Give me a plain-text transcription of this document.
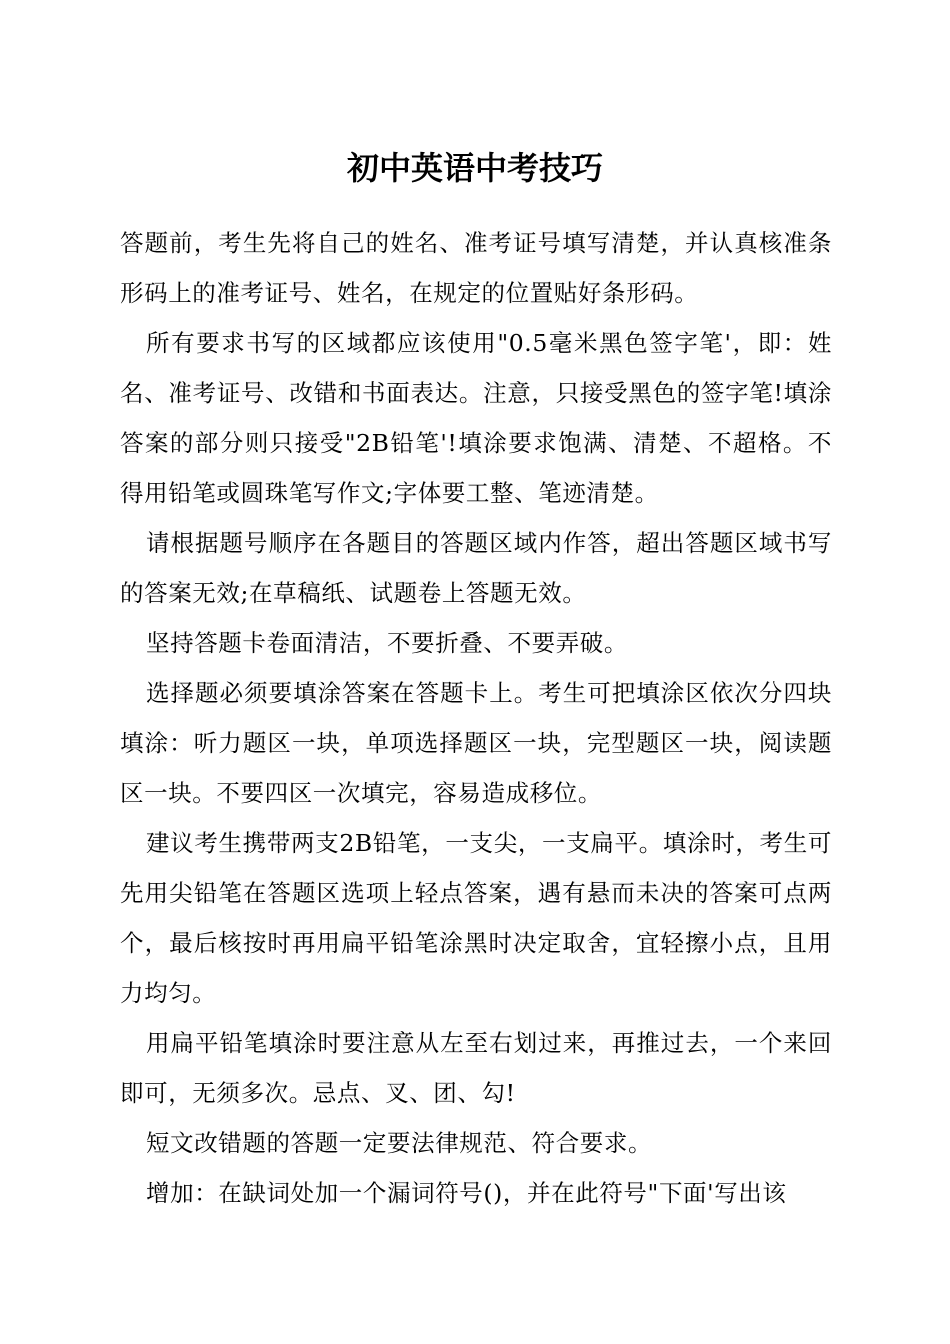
初中英语中考技巧

答题前，考生先将自己的姓名、准考证号填写清楚，并认真核准条形码上的准考证号、姓名，在规定的位置贴好条形码。

所有要求书写的区域都应该使用"0.5毫米黑色签字笔'，即：姓名、准考证号、改错和书面表达。注意，只接受黑色的签字笔!填涂答案的部分则只接受"2B铅笔'!填涂要求饱满、清楚、不超格。不得用铅笔或圆珠笔写作文;字体要工整、笔迹清楚。

请根据题号顺序在各题目的答题区域内作答，超出答题区域书写的答案无效;在草稿纸、试题卷上答题无效。

坚持答题卡卷面清洁，不要折叠、不要弄破。

选择题必须要填涂答案在答题卡上。考生可把填涂区依次分四块填涂：听力题区一块，单项选择题区一块，完型题区一块，阅读题区一块。不要四区一次填完，容易造成移位。

建议考生携带两支2B铅笔，一支尖，一支扁平。填涂时，考生可先用尖铅笔在答题区选项上轻点答案，遇有悬而未决的答案可点两个，最后核按时再用扁平铅笔涂黑时决定取舍，宜轻擦小点，且用力均匀。

用扁平铅笔填涂时要注意从左至右划过来，再推过去，一个来回即可，无须多次。忌点、叉、团、勾!

短文改错题的答题一定要法律规范、符合要求。

增加：在缺词处加一个漏词符号()，并在此符号"下面'写出该
